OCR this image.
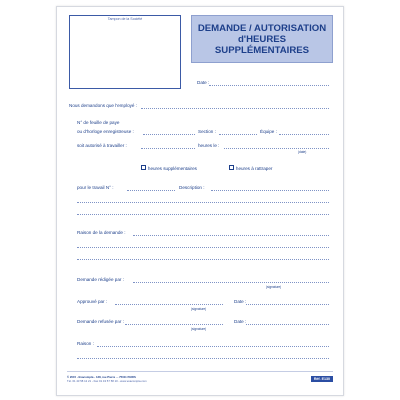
Tampon de la Société
DEMANDE / AUTORISATION
d'HEURES
SUPPLÉMENTAIRES
Date :
Nous demandons que l'employé :
N° de feuille de paye
ou d'horloge enregistreuse :	Section :	Équipe :
soit autorisé à travailler :	heures le :
(date)
heures supplémentaires	heures à rattraper
pour le travail N° :	Description :
Raison de la demande :
Demande rédigée par :
(signature)
Approuvé par :
(signature)
Date :
Demande refusée par :
(signature)
Date :
Raison :
© 2015 - Exacompta - 138, rue Pierre ... 75011 PARIS
Tél. 01 43 58 12 21 - Fax 01 43 57 58 10 - www.exacompta.com	Réf. E130
